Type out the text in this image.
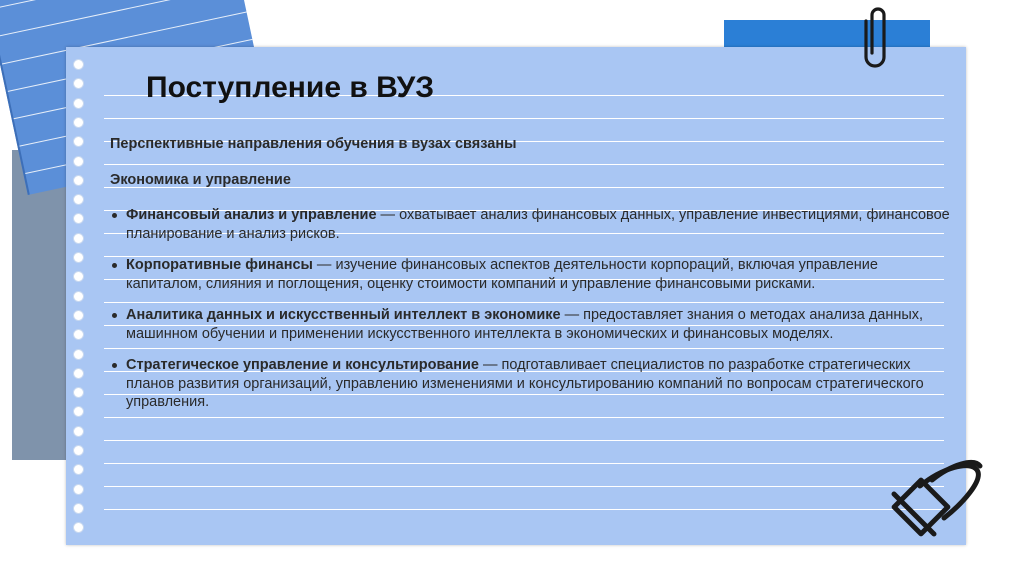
Поступление в ВУЗ
Перспективные направления обучения в вузах связаны
Экономика и управление
Финансовый анализ и управление — охватывает анализ финансовых данных, управление инвестициями, финансовое планирование и анализ рисков.
Корпоративные финансы — изучение финансовых аспектов деятельности корпораций, включая управление капиталом, слияния и поглощения, оценку стоимости компаний и управление финансовыми рисками.
Аналитика данных и искусственный интеллект в экономике — предоставляет знания о методах анализа данных, машинном обучении и применении искусственного интеллекта в экономических и финансовых моделях.
Стратегическое управление и консультирование — подготавливает специалистов по разработке стратегических планов развития организаций, управлению изменениями и консультированию компаний по вопросам стратегического управления.
